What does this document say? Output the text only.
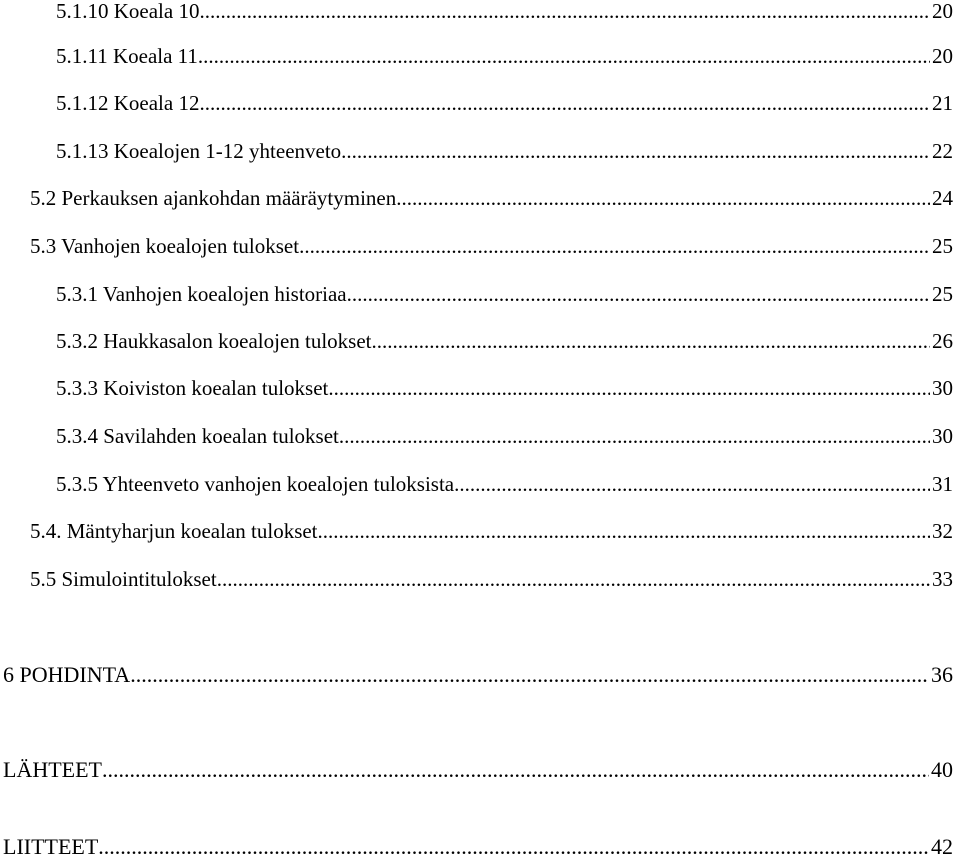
5.1.10 Koeala 10. .....	20
5.1.11 Koeala 11. .....	20
5.1.12 Koeala 12. .....	21
5.1.13 Koealojen 1-12 yhteenveto. .....	22
5.2 Perkauksen ajankohdan määräytyminen .....	24
5.3 Vanhojen koealojen tulokset .....	25
5.3.1 Vanhojen koealojen historiaa .....	25
5.3.2 Haukkasalon koealojen tulokset .....	26
5.3.3 Koiviston koealan tulokset .....	30
5.3.4 Savilahden koealan tulokset .....	30
5.3.5 Yhteenveto vanhojen koealojen tuloksista .....	31
5.4. Mäntyharjun koealan tulokset .....	32
5.5 Simulointitulokset .....	33
6 POHDINTA .....	36
LÄHTEET .....	40
LIITTEET .....	42
